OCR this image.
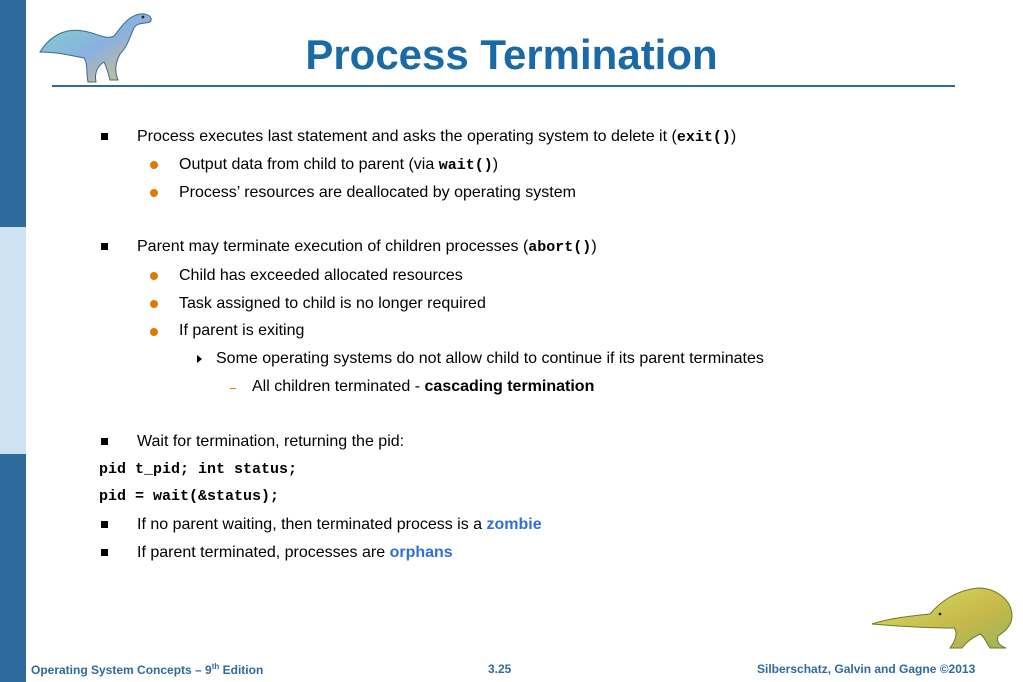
Process Termination
Process executes last statement and asks the operating system to delete it (exit())
Output data from child to parent (via wait())
Process’ resources are deallocated by operating system
Parent may terminate execution of children processes (abort())
Child has exceeded allocated resources
Task assigned to child is no longer required
If parent is exiting
Some operating systems do not allow child to continue if its parent terminates
All children terminated - cascading termination
Wait for termination, returning the pid:
pid t_pid; int status;
pid = wait(&status);
If no parent waiting, then terminated process is a zombie
If parent terminated, processes are orphans
Operating System Concepts – 9th Edition	3.25	Silberschatz, Galvin and Gagne ©2013
